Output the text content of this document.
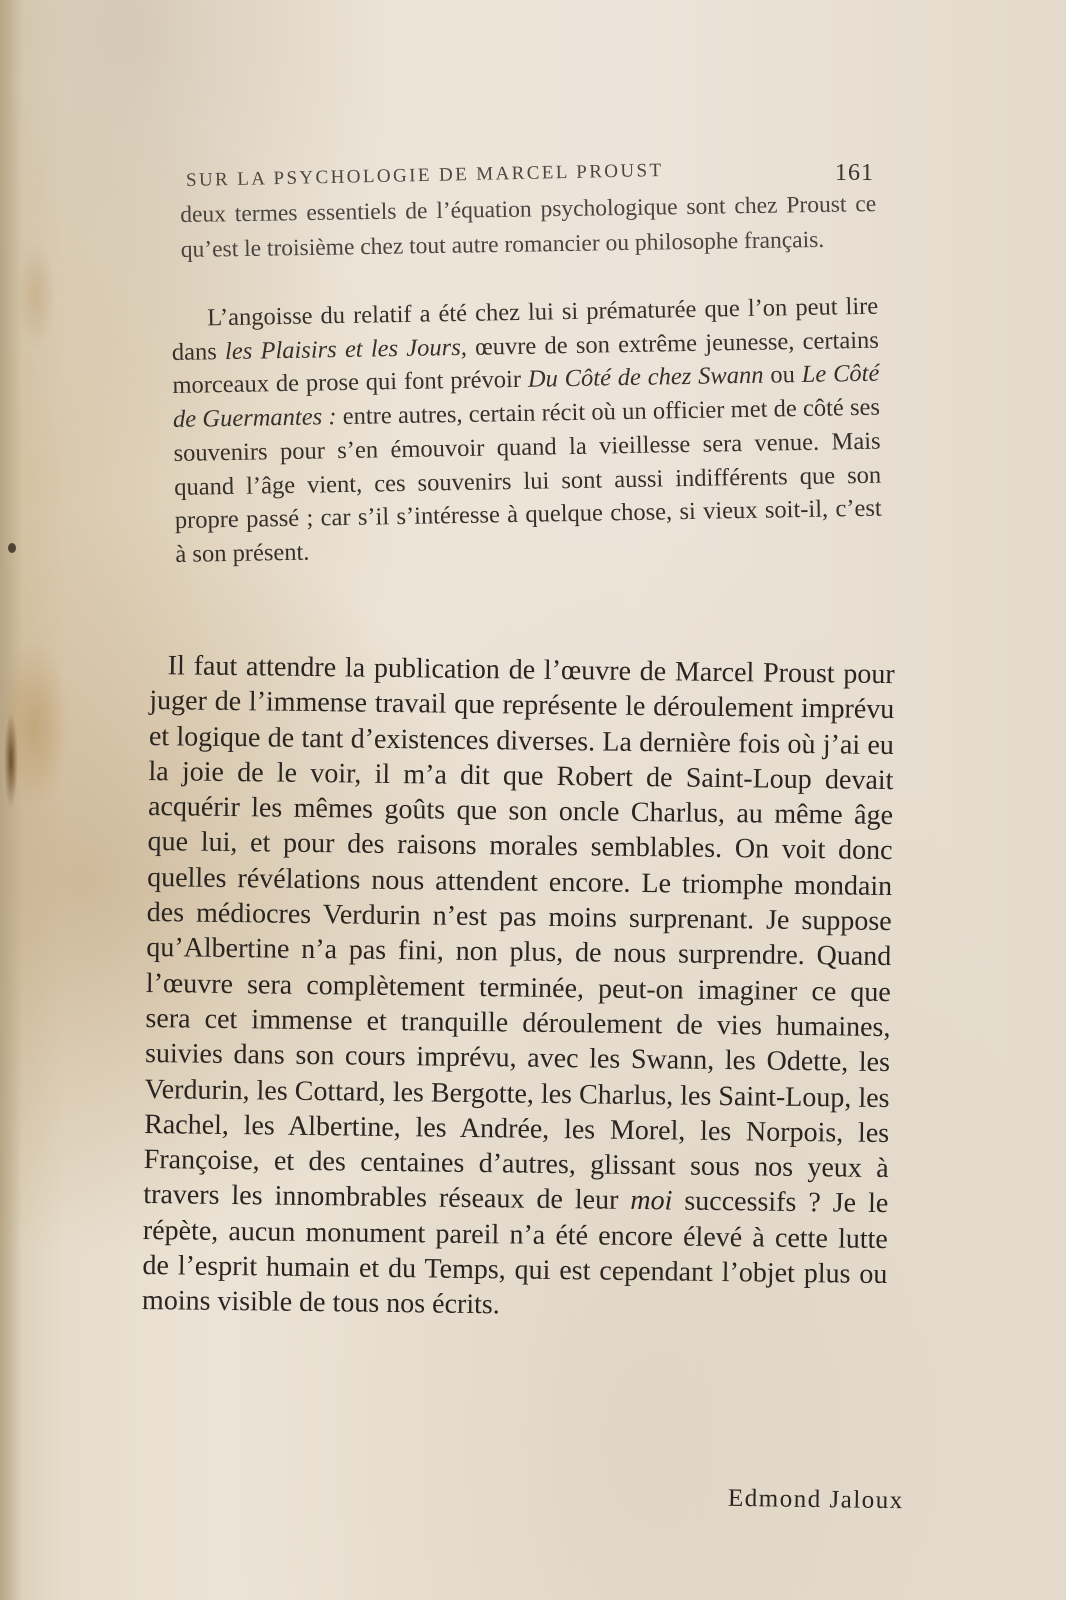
SUR LA PSYCHOLOGIE DE MARCEL PROUST	161

deux termes essentiels de l’équation psychologique sont chez Proust ce qu’est le troisième chez tout autre romancier ou philosophe français.

L’angoisse du relatif a été chez lui si prématurée que l’on peut lire dans les Plaisirs et les Jours, œuvre de son extrême jeunesse, certains morceaux de prose qui font prévoir Du Côté de chez Swann ou Le Côté de Guermantes : entre autres, certain récit où un officier met de côté ses souvenirs pour s’en émouvoir quand la vieillesse sera venue. Mais quand l’âge vient, ces souvenirs lui sont aussi indifférents que son propre passé ; car s’il s’intéresse à quelque chose, si vieux soit-il, c’est à son présent.

Il faut attendre la publication de l’œuvre de Marcel Proust pour juger de l’immense travail que représente le déroulement imprévu et logique de tant d’existences diverses. La dernière fois où j’ai eu la joie de le voir, il m’a dit que Robert de Saint-Loup devait acquérir les mêmes goûts que son oncle Charlus, au même âge que lui, et pour des raisons morales semblables. On voit donc quelles révélations nous attendent encore. Le triomphe mondain des médiocres Verdurin n’est pas moins surprenant. Je suppose qu’Albertine n’a pas fini, non plus, de nous surprendre. Quand l’œuvre sera complètement terminée, peut-on imaginer ce que sera cet immense et tranquille déroulement de vies humaines, suivies dans son cours imprévu, avec les Swann, les Odette, les Verdurin, les Cottard, les Bergotte, les Charlus, les Saint-Loup, les Rachel, les Albertine, les Andrée, les Morel, les Norpois, les Françoise, et des centaines d’autres, glissant sous nos yeux à travers les innombrables réseaux de leur moi successifs ? Je le répète, aucun monument pareil n’a été encore élevé à cette lutte de l’esprit humain et du Temps, qui est cependant l’objet plus ou moins visible de tous nos écrits.

Edmond Jaloux
